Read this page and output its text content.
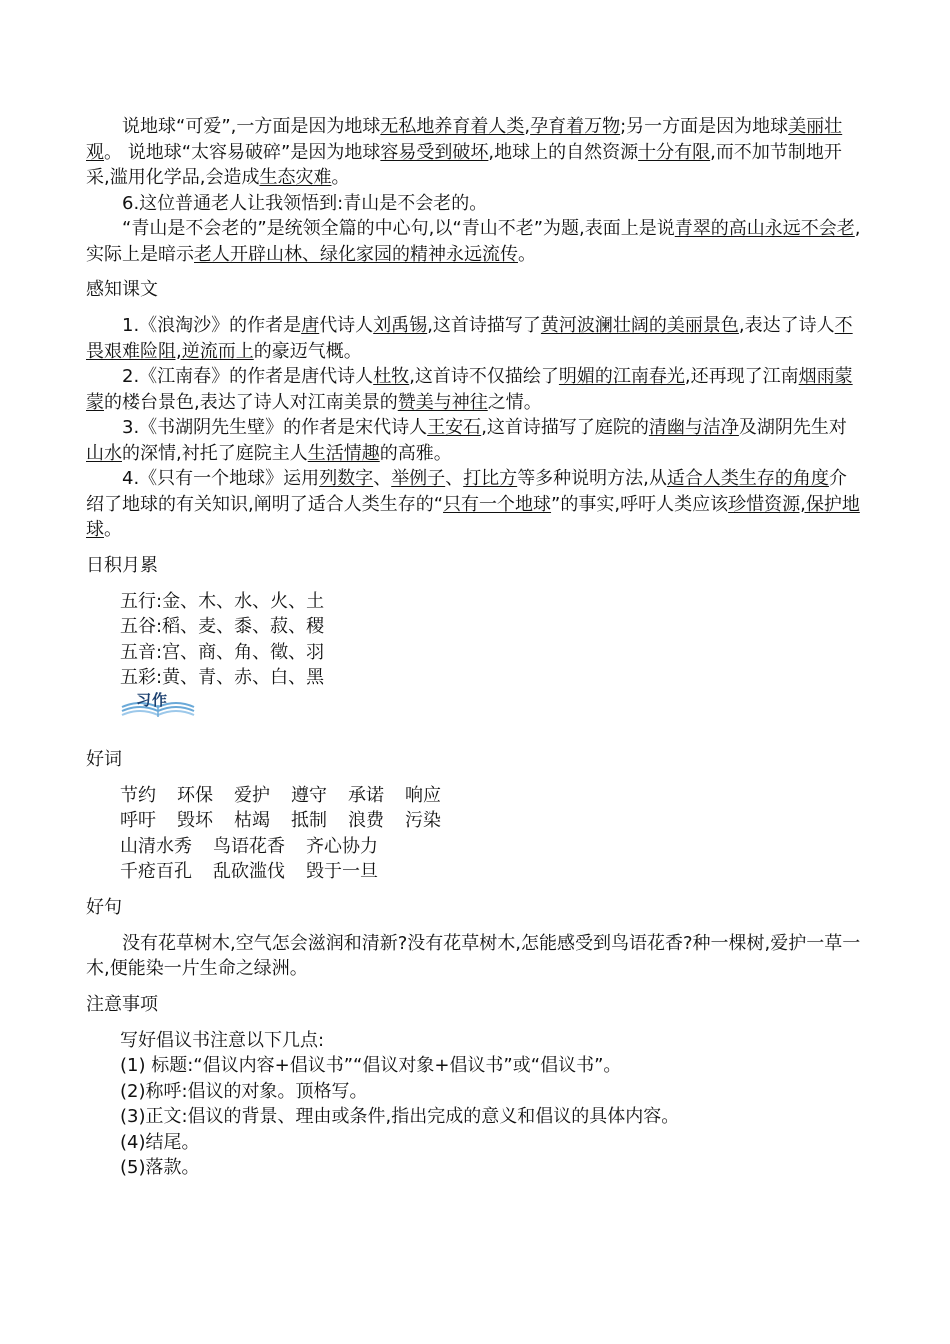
说地球“可爱”,一方面是因为地球无私地养育着人类,孕育着万物;另一方面是因为地球美丽壮观。 说地球“太容易破碎”是因为地球容易受到破坏,地球上的自然资源十分有限,而不加节制地开采,滥用化学品,会造成生态灾难。

6.这位普通老人让我领悟到:青山是不会老的。

“青山是不会老的”是统领全篇的中心句,以“青山不老”为题,表面上是说青翠的高山永远不会老,实际上是暗示老人开辟山林、绿化家园的精神永远流传。

感知课文

1.《浪淘沙》的作者是唐代诗人刘禹锡,这首诗描写了黄河波澜壮阔的美丽景色,表达了诗人不畏艰难险阻,逆流而上的豪迈气概。

2.《江南春》的作者是唐代诗人杜牧,这首诗不仅描绘了明媚的江南春光,还再现了江南烟雨蒙蒙的楼台景色,表达了诗人对江南美景的赞美与神往之情。

3.《书湖阴先生壁》的作者是宋代诗人王安石,这首诗描写了庭院的清幽与洁净及湖阴先生对山水的深情,衬托了庭院主人生活情趣的高雅。

4.《只有一个地球》运用列数字、举例子、打比方等多种说明方法,从适合人类生存的角度介绍了地球的有关知识,阐明了适合人类生存的“只有一个地球”的事实,呼吁人类应该珍惜资源,保护地球。

日积月累

五行:金、木、水、火、土
五谷:稻、麦、黍、菽、稷
五音:宫、商、角、徵、羽
五彩:黄、青、赤、白、黑
习作

好词

节约 环保 爱护 遵守 承诺 响应
呼吁 毁坏 枯竭 抵制 浪费 污染
山清水秀 鸟语花香 齐心协力
千疮百孔 乱砍滥伐 毁于一旦

好句

没有花草树木,空气怎会滋润和清新?没有花草树木,怎能感受到鸟语花香?种一棵树,爱护一草一木,便能染一片生命之绿洲。

注意事项

写好倡议书注意以下几点:
(1) 标题:“倡议内容+倡议书”“倡议对象+倡议书”或“倡议书”。
(2)称呼:倡议的对象。顶格写。
(3)正文:倡议的背景、理由或条件,指出完成的意义和倡议的具体内容。
(4)结尾。
(5)落款。
